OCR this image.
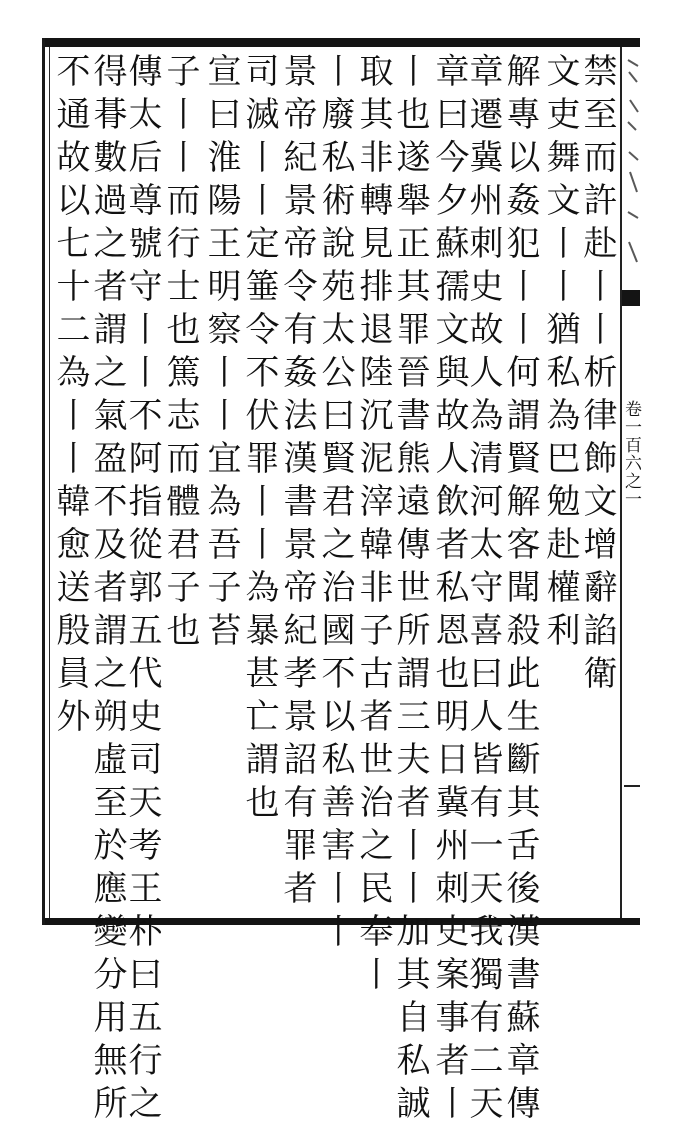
卷一百六之一
禁至而許赴丨丨析律飾文增辭諂衛
文吏舞文丨丨猶私為巴勉赴權利
解專以姦犯丨丨何謂賢解客聞殺此生斷其舌後漢書蘇章傳
章遷冀州刺史故人為清河太守喜曰人皆有一天我獨有二天
章曰今夕蘇孺文與故人飲者私恩也明日冀州刺史案事者丨
丨也遂舉正其罪晉書熊遠傳世所謂三夫者丨丨加其自私誠
取其非轉見排退陸沉泥滓韓非子古者世治之民奉丨
丨廢私術說苑太公曰賢君之治國不以私善害丨丨
景帝紀景帝令有姦法漢書景帝紀孝景詔有罪者
司滅丨丨定箠令不伏罪丨丨為暴甚亡謂也
宣曰淮陽王明察丨丨宜為吾子苔
子丨丨而行士也篤志而體君子也
傳太后尊號守丨丨不阿指從郭五代史司天考王朴曰五行之
得朞數過之者謂之氣盈不及者謂之朔虛至於應變分用無所
不通故以七十二為丨丨韓愈送殷員外
